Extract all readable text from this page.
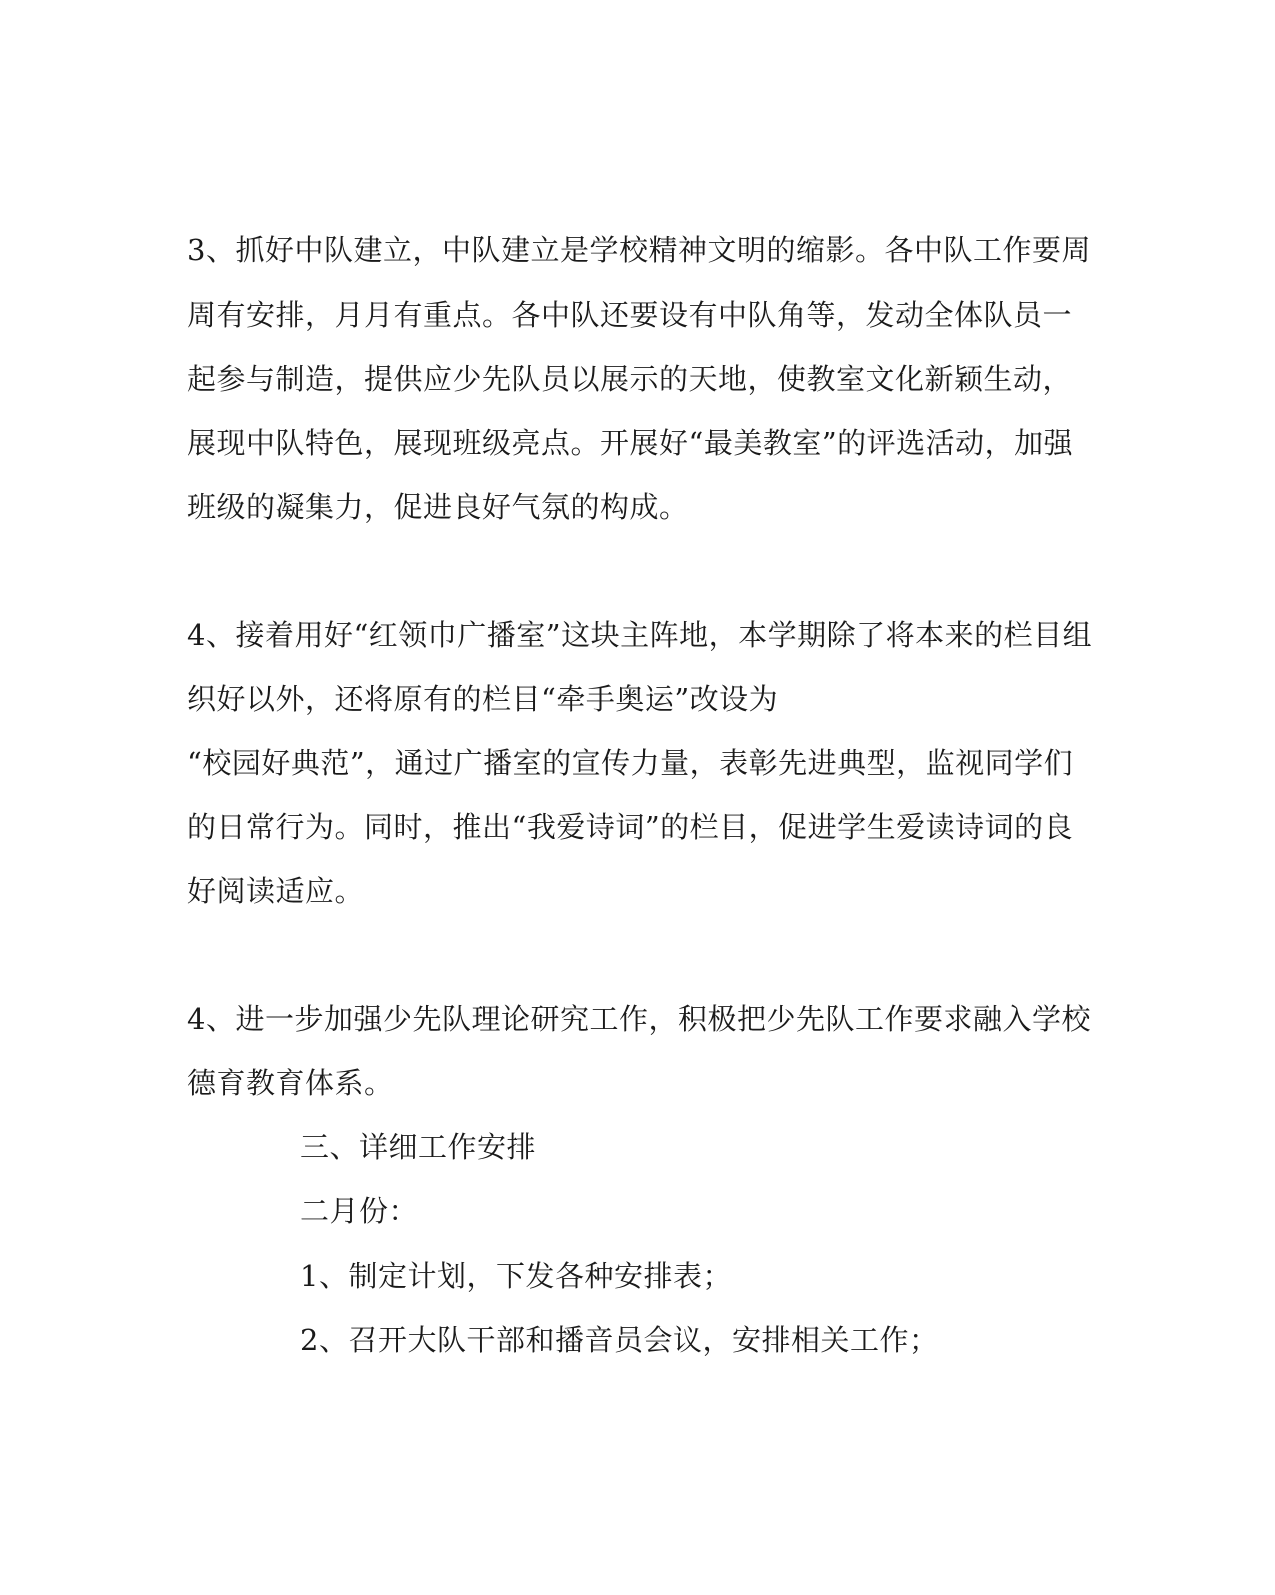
3、抓好中队建立，中队建立是学校精神文明的缩影。各中队工作要周
周有安排，月月有重点。各中队还要设有中队角等，发动全体队员一
起参与制造，提供应少先队员以展示的天地，使教室文化新颖生动，
展现中队特色，展现班级亮点。开展好“最美教室”的评选活动，加强
班级的凝集力，促进良好气氛的构成。
4、接着用好“红领巾广播室”这块主阵地，本学期除了将本来的栏目组
织好以外，还将原有的栏目“牵手奥运”改设为
“校园好典范”，通过广播室的宣传力量，表彰先进典型，监视同学们
的日常行为。同时，推出“我爱诗词”的栏目，促进学生爱读诗词的良
好阅读适应。
4、进一步加强少先队理论研究工作，积极把少先队工作要求融入学校
德育教育体系。
三、详细工作安排
二月份：
1、制定计划，下发各种安排表；
2、召开大队干部和播音员会议，安排相关工作；
